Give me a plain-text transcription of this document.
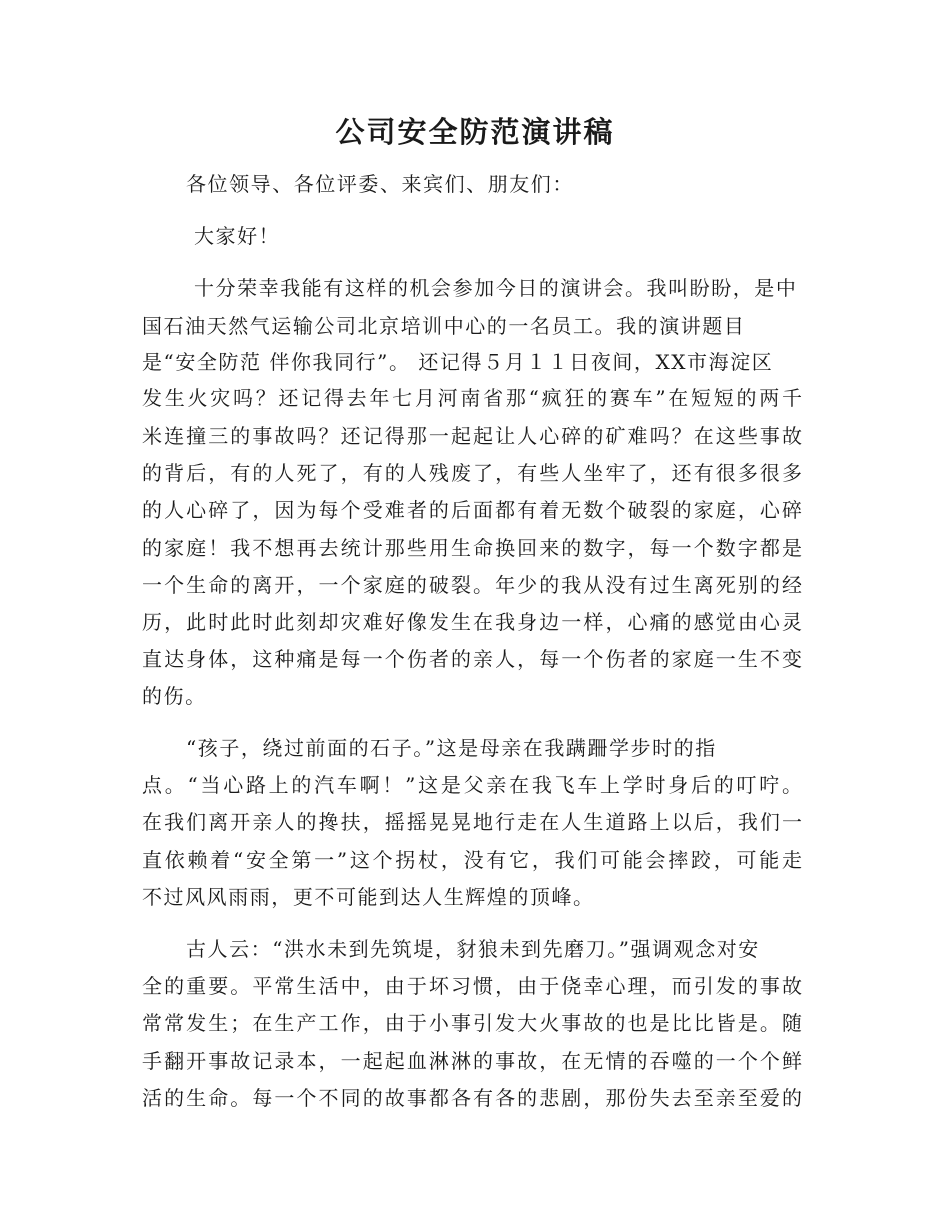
公司安全防范演讲稿
各位领导、各位评委、来宾们、朋友们：
大家好！
十分荣幸我能有这样的机会参加今日的演讲会。我叫盼盼，是中
国石油天然气运输公司北京培训中心的一名员工。我的演讲题目
是“安全防范 伴你我同行”。 还记得５月１１日夜间，XX市海淀区
发生火灾吗？还记得去年七月河南省那“疯狂的赛车”在短短的两千
米连撞三的事故吗？还记得那一起起让人心碎的矿难吗？在这些事故
的背后，有的人死了，有的人残废了，有些人坐牢了，还有很多很多
的人心碎了，因为每个受难者的后面都有着无数个破裂的家庭，心碎
的家庭！我不想再去统计那些用生命换回来的数字，每一个数字都是
一个生命的离开，一个家庭的破裂。年少的我从没有过生离死别的经
历，此时此时此刻却灾难好像发生在我身边一样，心痛的感觉由心灵
直达身体，这种痛是每一个伤者的亲人，每一个伤者的家庭一生不变
的伤。
“孩子，绕过前面的石子。”这是母亲在我蹒跚学步时的指
点。“当心路上的汽车啊！”这是父亲在我飞车上学时身后的叮咛。
在我们离开亲人的搀扶，摇摇晃晃地行走在人生道路上以后，我们一
直依赖着“安全第一”这个拐杖，没有它，我们可能会摔跤，可能走
不过风风雨雨，更不可能到达人生辉煌的顶峰。
古人云：“洪水未到先筑堤，豺狼未到先磨刀。”强调观念对安
全的重要。平常生活中，由于坏习惯，由于侥幸心理，而引发的事故
常常发生；在生产工作，由于小事引发大火事故的也是比比皆是。随
手翻开事故记录本，一起起血淋淋的事故，在无情的吞噬的一个个鲜
活的生命。每一个不同的故事都各有各的悲剧，那份失去至亲至爱的
